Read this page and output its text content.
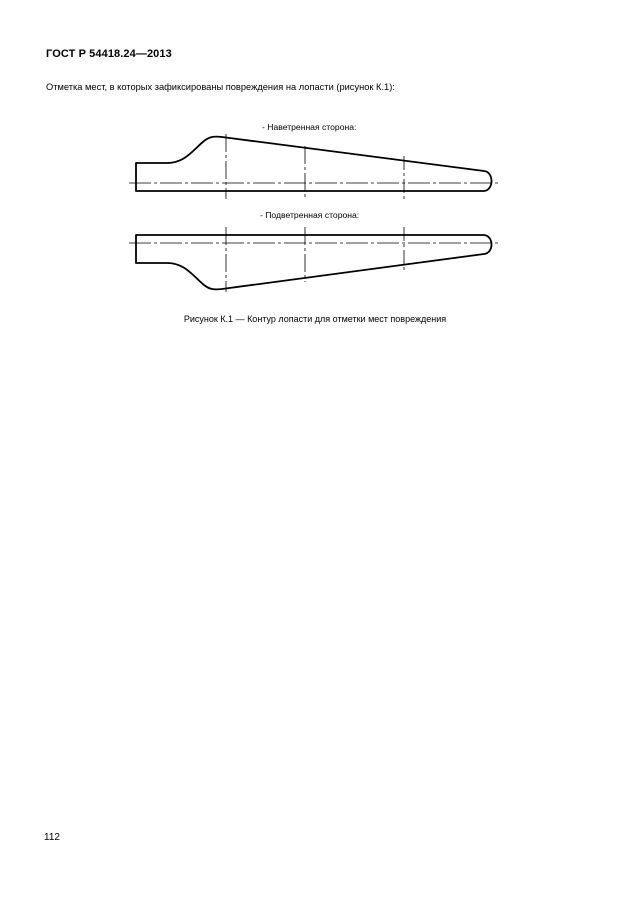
ГОСТ Р 54418.24—2013
Отметка мест, в которых зафиксированы повреждения на лопасти (рисунок К.1):
- Наветренная сторона:
- Подветренная сторона:
Рисунок К.1 — Контур лопасти для отметки мест повреждения
112
